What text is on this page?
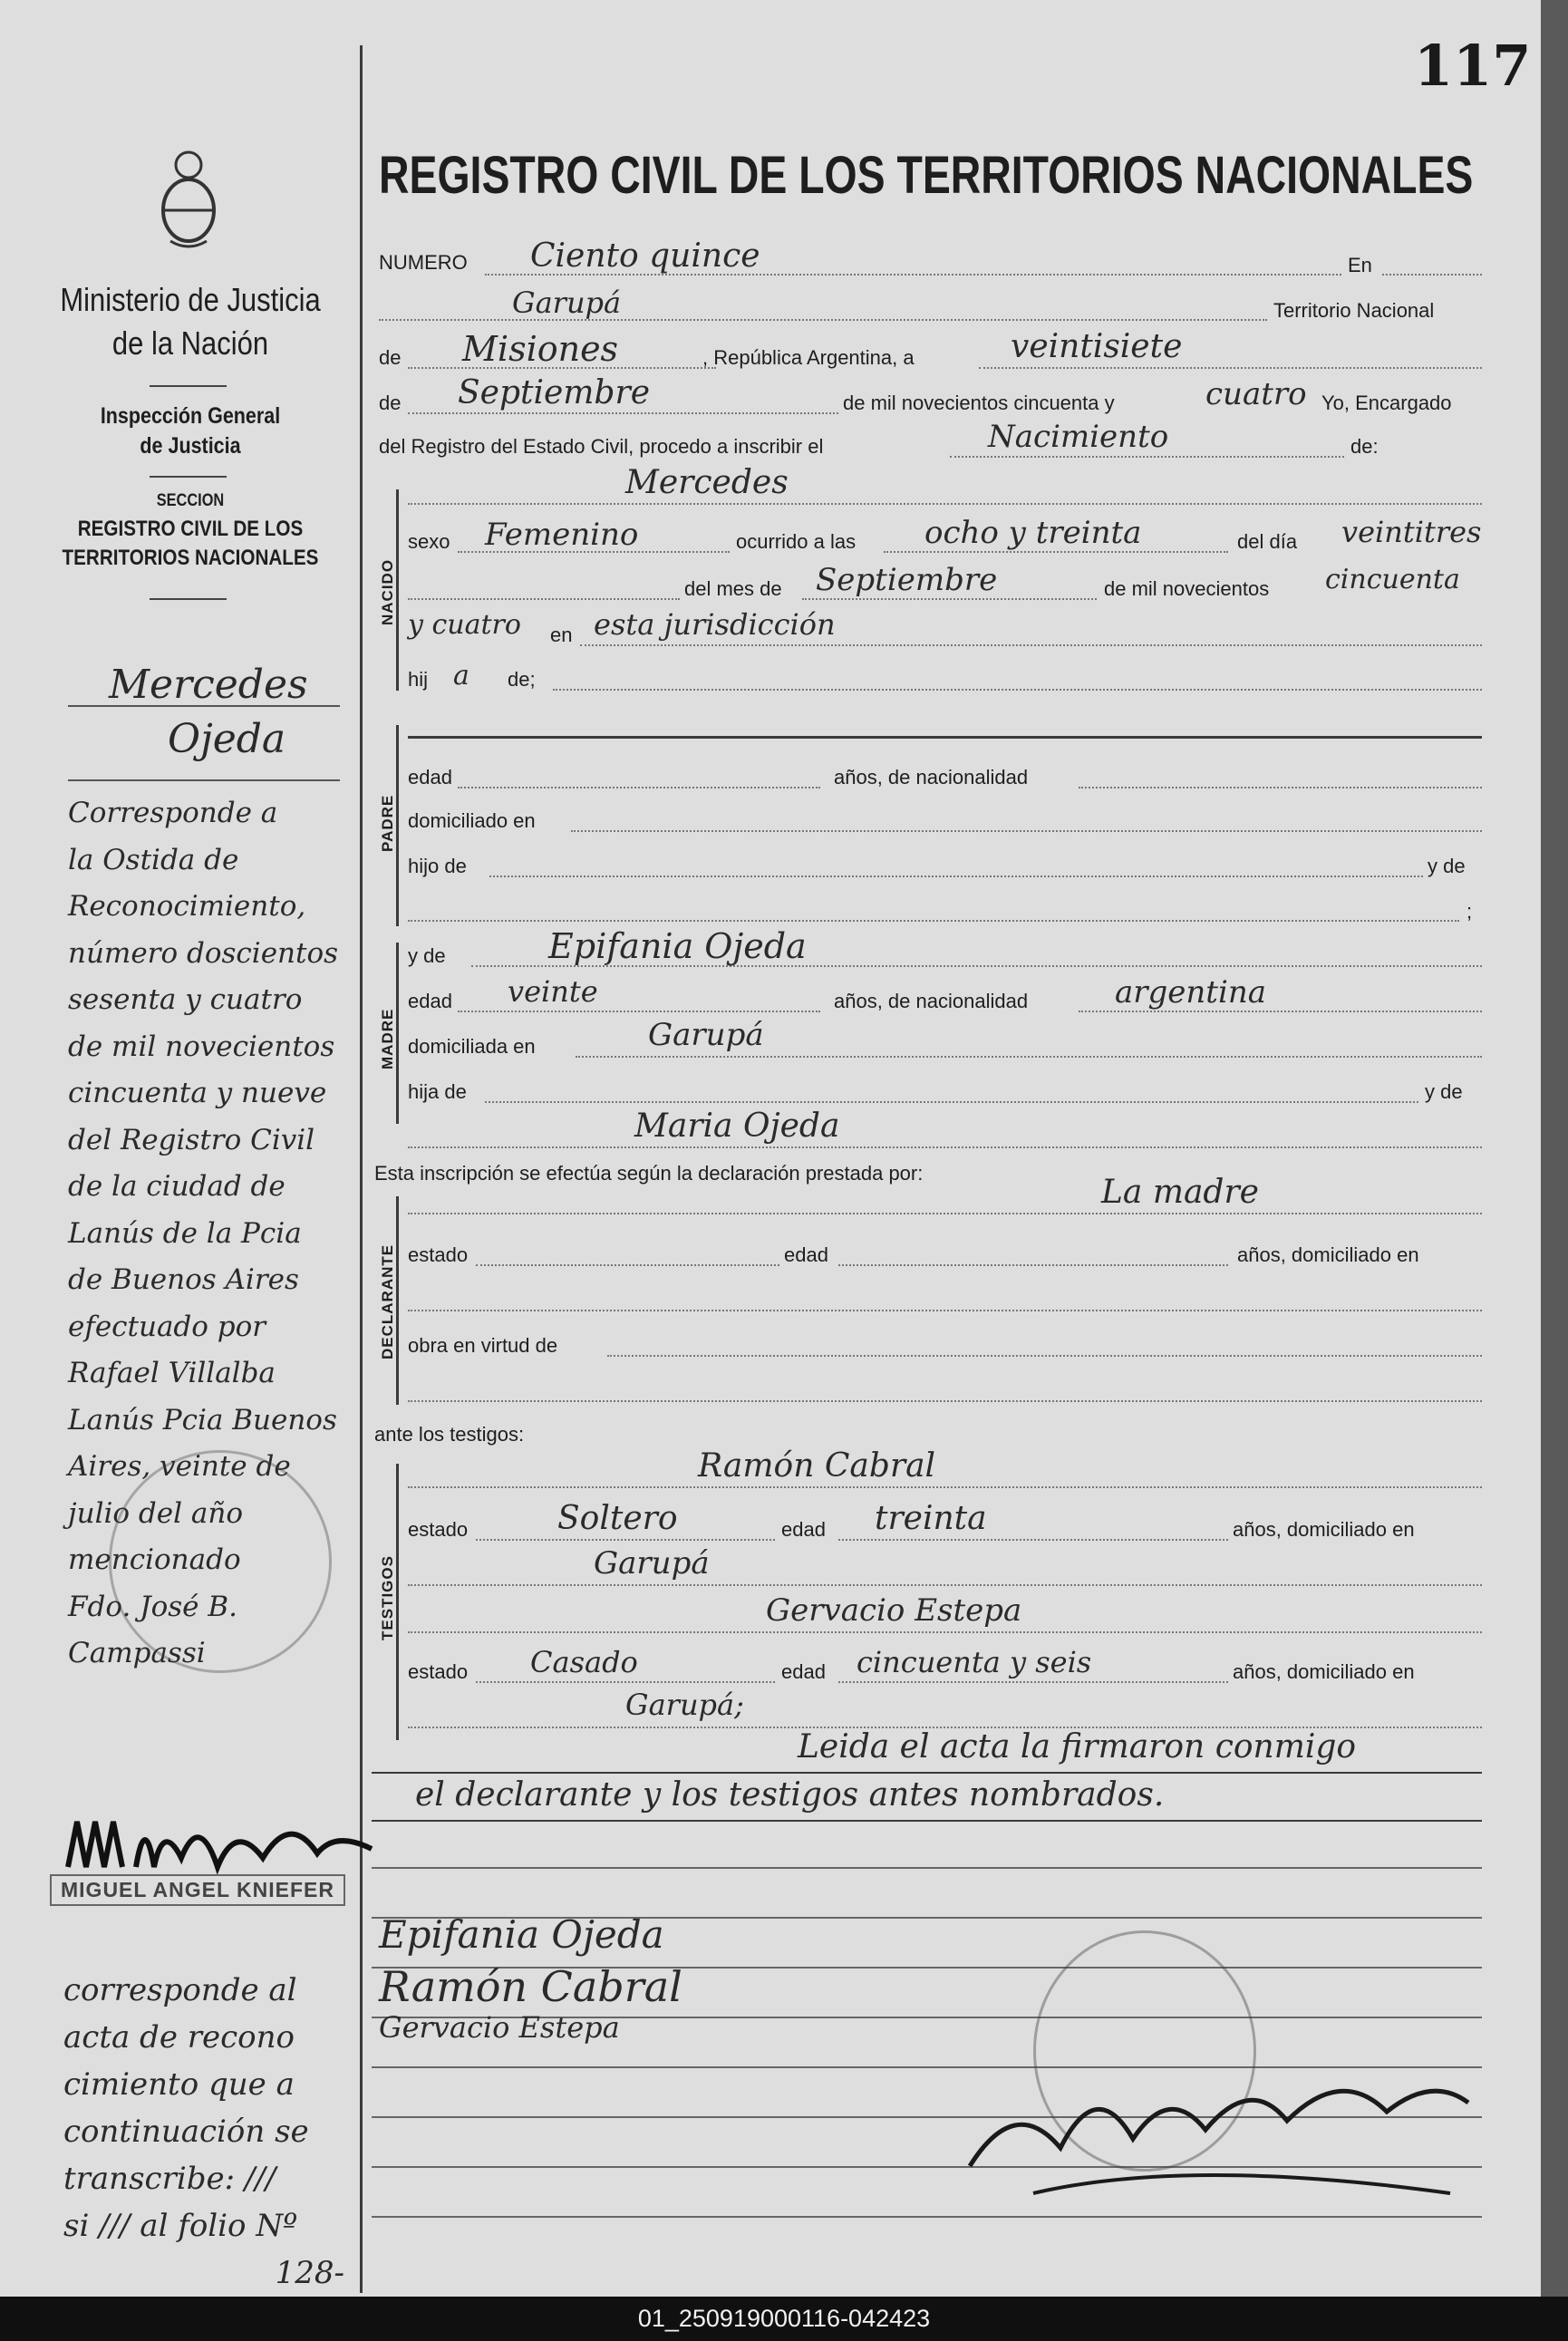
117
Ministerio de Justicia
de la Nación
Inspección General
de Justicia
SECCION
REGISTRO CIVIL DE LOS
TERRITORIOS NACIONALES
Mercedes
Ojeda
Corresponde a
la Ostida de
Reconocimiento,
número doscientos
sesenta y cuatro
de mil novecientos
cincuenta y nueve
del Registro Civil
de la ciudad de
Lanús de la Pcia
de Buenos Aires
efectuado por
Rafael Villalba
Lanús Pcia Buenos
Aires, veinte de
julio del año
mencionado
Fdo. José B.
Campassi
MIGUEL ANGEL KNIEFER
corresponde al
acta de recono
cimiento que a
continuación se
transcribe: ///
si /// al folio Nº
128-
REGISTRO CIVIL DE LOS TERRITORIOS NACIONALES
NUMERO Ciento quince	En
Garupá	Territorio Nacional
de Misiones	, República Argentina, a	veintisiete
de Septiembre	de mil novecientos cincuenta y	cuatro Yo, Encargado
del Registro del Estado Civil, procedo a inscribir el	Nacimiento	de:
NACIDO
Mercedes
sexo Femenino	ocurrido a las ocho y treinta	del día veintitres
del mes de Septiembre	de mil novecientos cincuenta
y cuatro en esta jurisdicción
hij a de;
PADRE
edad	años, de nacionalidad
domiciliado en
hijo de	y de
;
MADRE
y de	Epifania Ojeda
edad veinte	años, de nacionalidad	argentina
domiciliada en	Garupá
hija de	y de
Maria Ojeda
Esta inscripción se efectúa según la declaración prestada por:
DECLARANTE
La madre
estado	edad	años, domiciliado en
obra en virtud de
ante los testigos:
TESTIGOS
Ramón Cabral
estado	Soltero	edad treinta	años, domiciliado en
Garupá
Gervacio Estepa
estado Casado	edad cincuenta y seis	años, domiciliado en
Garupá;
Leida el acta la firmaron conmigo
el declarante y los testigos antes nombrados.
Epifania Ojeda
Ramón Cabral
Gervacio Estepa
01_250919000116-042423
